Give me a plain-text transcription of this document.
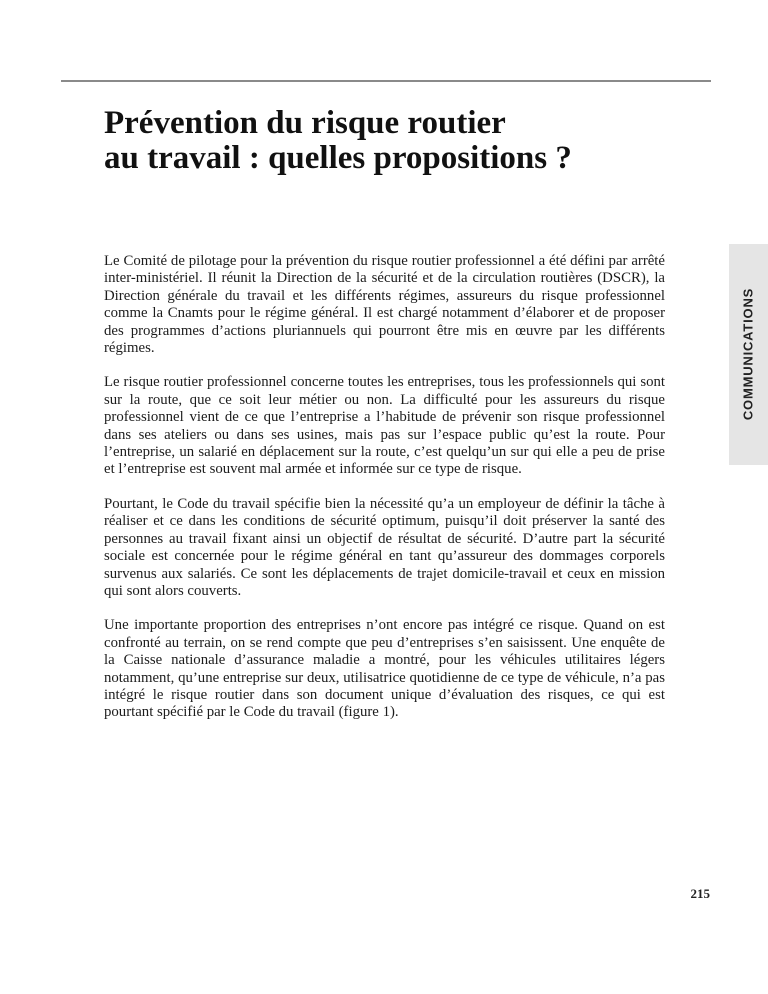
Prévention du risque routier
au travail : quelles propositions ?

Le Comité de pilotage pour la prévention du risque routier professionnel a été défini par arrêté inter-ministériel. Il réunit la Direction de la sécurité et de la circulation routières (DSCR), la Direction générale du travail et les différents régimes, assureurs du risque professionnel comme la Cnamts pour le régime général. Il est chargé notamment d’élaborer et de proposer des programmes d’actions pluriannuels qui pourront être mis en œuvre par les différents régimes.

Le risque routier professionnel concerne toutes les entreprises, tous les professionnels qui sont sur la route, que ce soit leur métier ou non. La difficulté pour les assureurs du risque professionnel vient de ce que l’entreprise a l’habitude de prévenir son risque professionnel dans ses ateliers ou dans ses usines, mais pas sur l’espace public qu’est la route. Pour l’entreprise, un salarié en déplacement sur la route, c’est quelqu’un sur qui elle a peu de prise et l’entreprise est souvent mal armée et informée sur ce type de risque.

Pourtant, le Code du travail spécifie bien la nécessité qu’a un employeur de définir la tâche à réaliser et ce dans les conditions de sécurité optimum, puisqu’il doit préserver la santé des personnes au travail fixant ainsi un objectif de résultat de sécurité. D’autre part la sécurité sociale est concernée pour le régime général en tant qu’assureur des dommages corporels survenus aux salariés. Ce sont les déplacements de trajet domicile-travail et ceux en mission qui sont alors couverts.

Une importante proportion des entreprises n’ont encore pas intégré ce risque. Quand on est confronté au terrain, on se rend compte que peu d’entreprises s’en saisissent. Une enquête de la Caisse nationale d’assurance maladie a montré, pour les véhicules utilitaires légers notamment, qu’une entreprise sur deux, utilisatrice quotidienne de ce type de véhicule, n’a pas intégré le risque routier dans son document unique d’évaluation des risques, ce qui est pourtant spécifié par le Code du travail (figure 1).

COMMUNICATIONS
215
